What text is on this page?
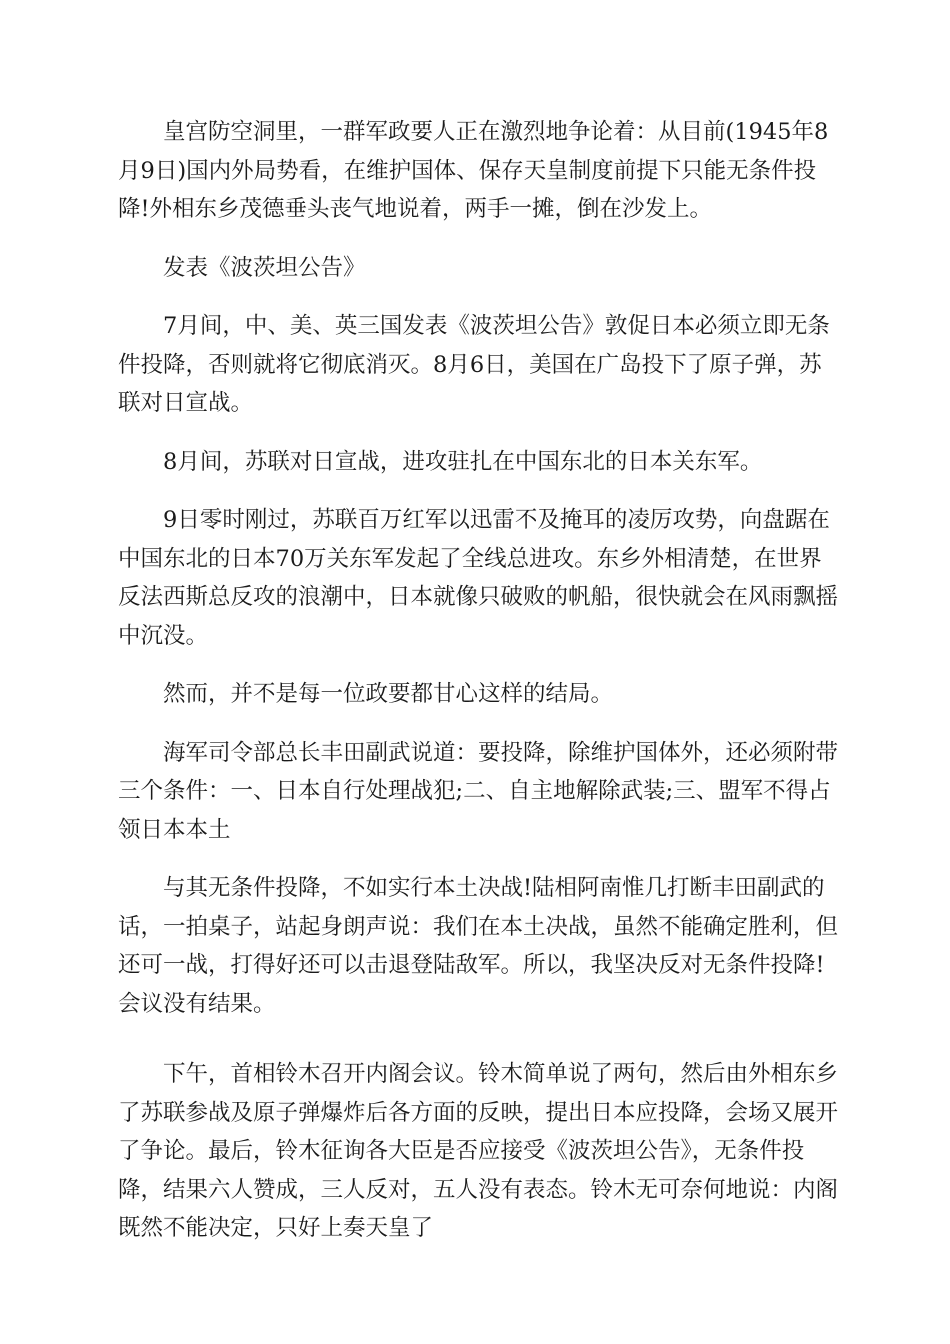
皇宫防空洞里，一群军政要人正在激烈地争论着：从目前(1945年8
月9日)国内外局势看，在维护国体、保存天皇制度前提下只能无条件投
降!外相东乡茂德垂头丧气地说着，两手一摊，倒在沙发上。

发表《波茨坦公告》

7月间，中、美、英三国发表《波茨坦公告》敦促日本必须立即无条
件投降，否则就将它彻底消灭。8月6日，美国在广岛投下了原子弹，苏
联对日宣战。

8月间，苏联对日宣战，进攻驻扎在中国东北的日本关东军。

9日零时刚过，苏联百万红军以迅雷不及掩耳的凌厉攻势，向盘踞在
中国东北的日本70万关东军发起了全线总进攻。东乡外相清楚，在世界
反法西斯总反攻的浪潮中，日本就像只破败的帆船，很快就会在风雨飘摇
中沉没。

然而，并不是每一位政要都甘心这样的结局。

海军司令部总长丰田副武说道：要投降，除维护国体外，还必须附带
三个条件：一、日本自行处理战犯;二、自主地解除武装;三、盟军不得占
领日本本土

与其无条件投降，不如实行本土决战!陆相阿南惟几打断丰田副武的
话，一拍桌子，站起身朗声说：我们在本土决战，虽然不能确定胜利，但
还可一战，打得好还可以击退登陆敌军。所以，我坚决反对无条件投降!
会议没有结果。

下午，首相铃木召开内阁会议。铃木简单说了两句，然后由外相东乡
了苏联参战及原子弹爆炸后各方面的反映，提出日本应投降，会场又展开
了争论。最后，铃木征询各大臣是否应接受《波茨坦公告》，无条件投
降，结果六人赞成，三人反对，五人没有表态。铃木无可奈何地说：内阁
既然不能决定，只好上奏天皇了
